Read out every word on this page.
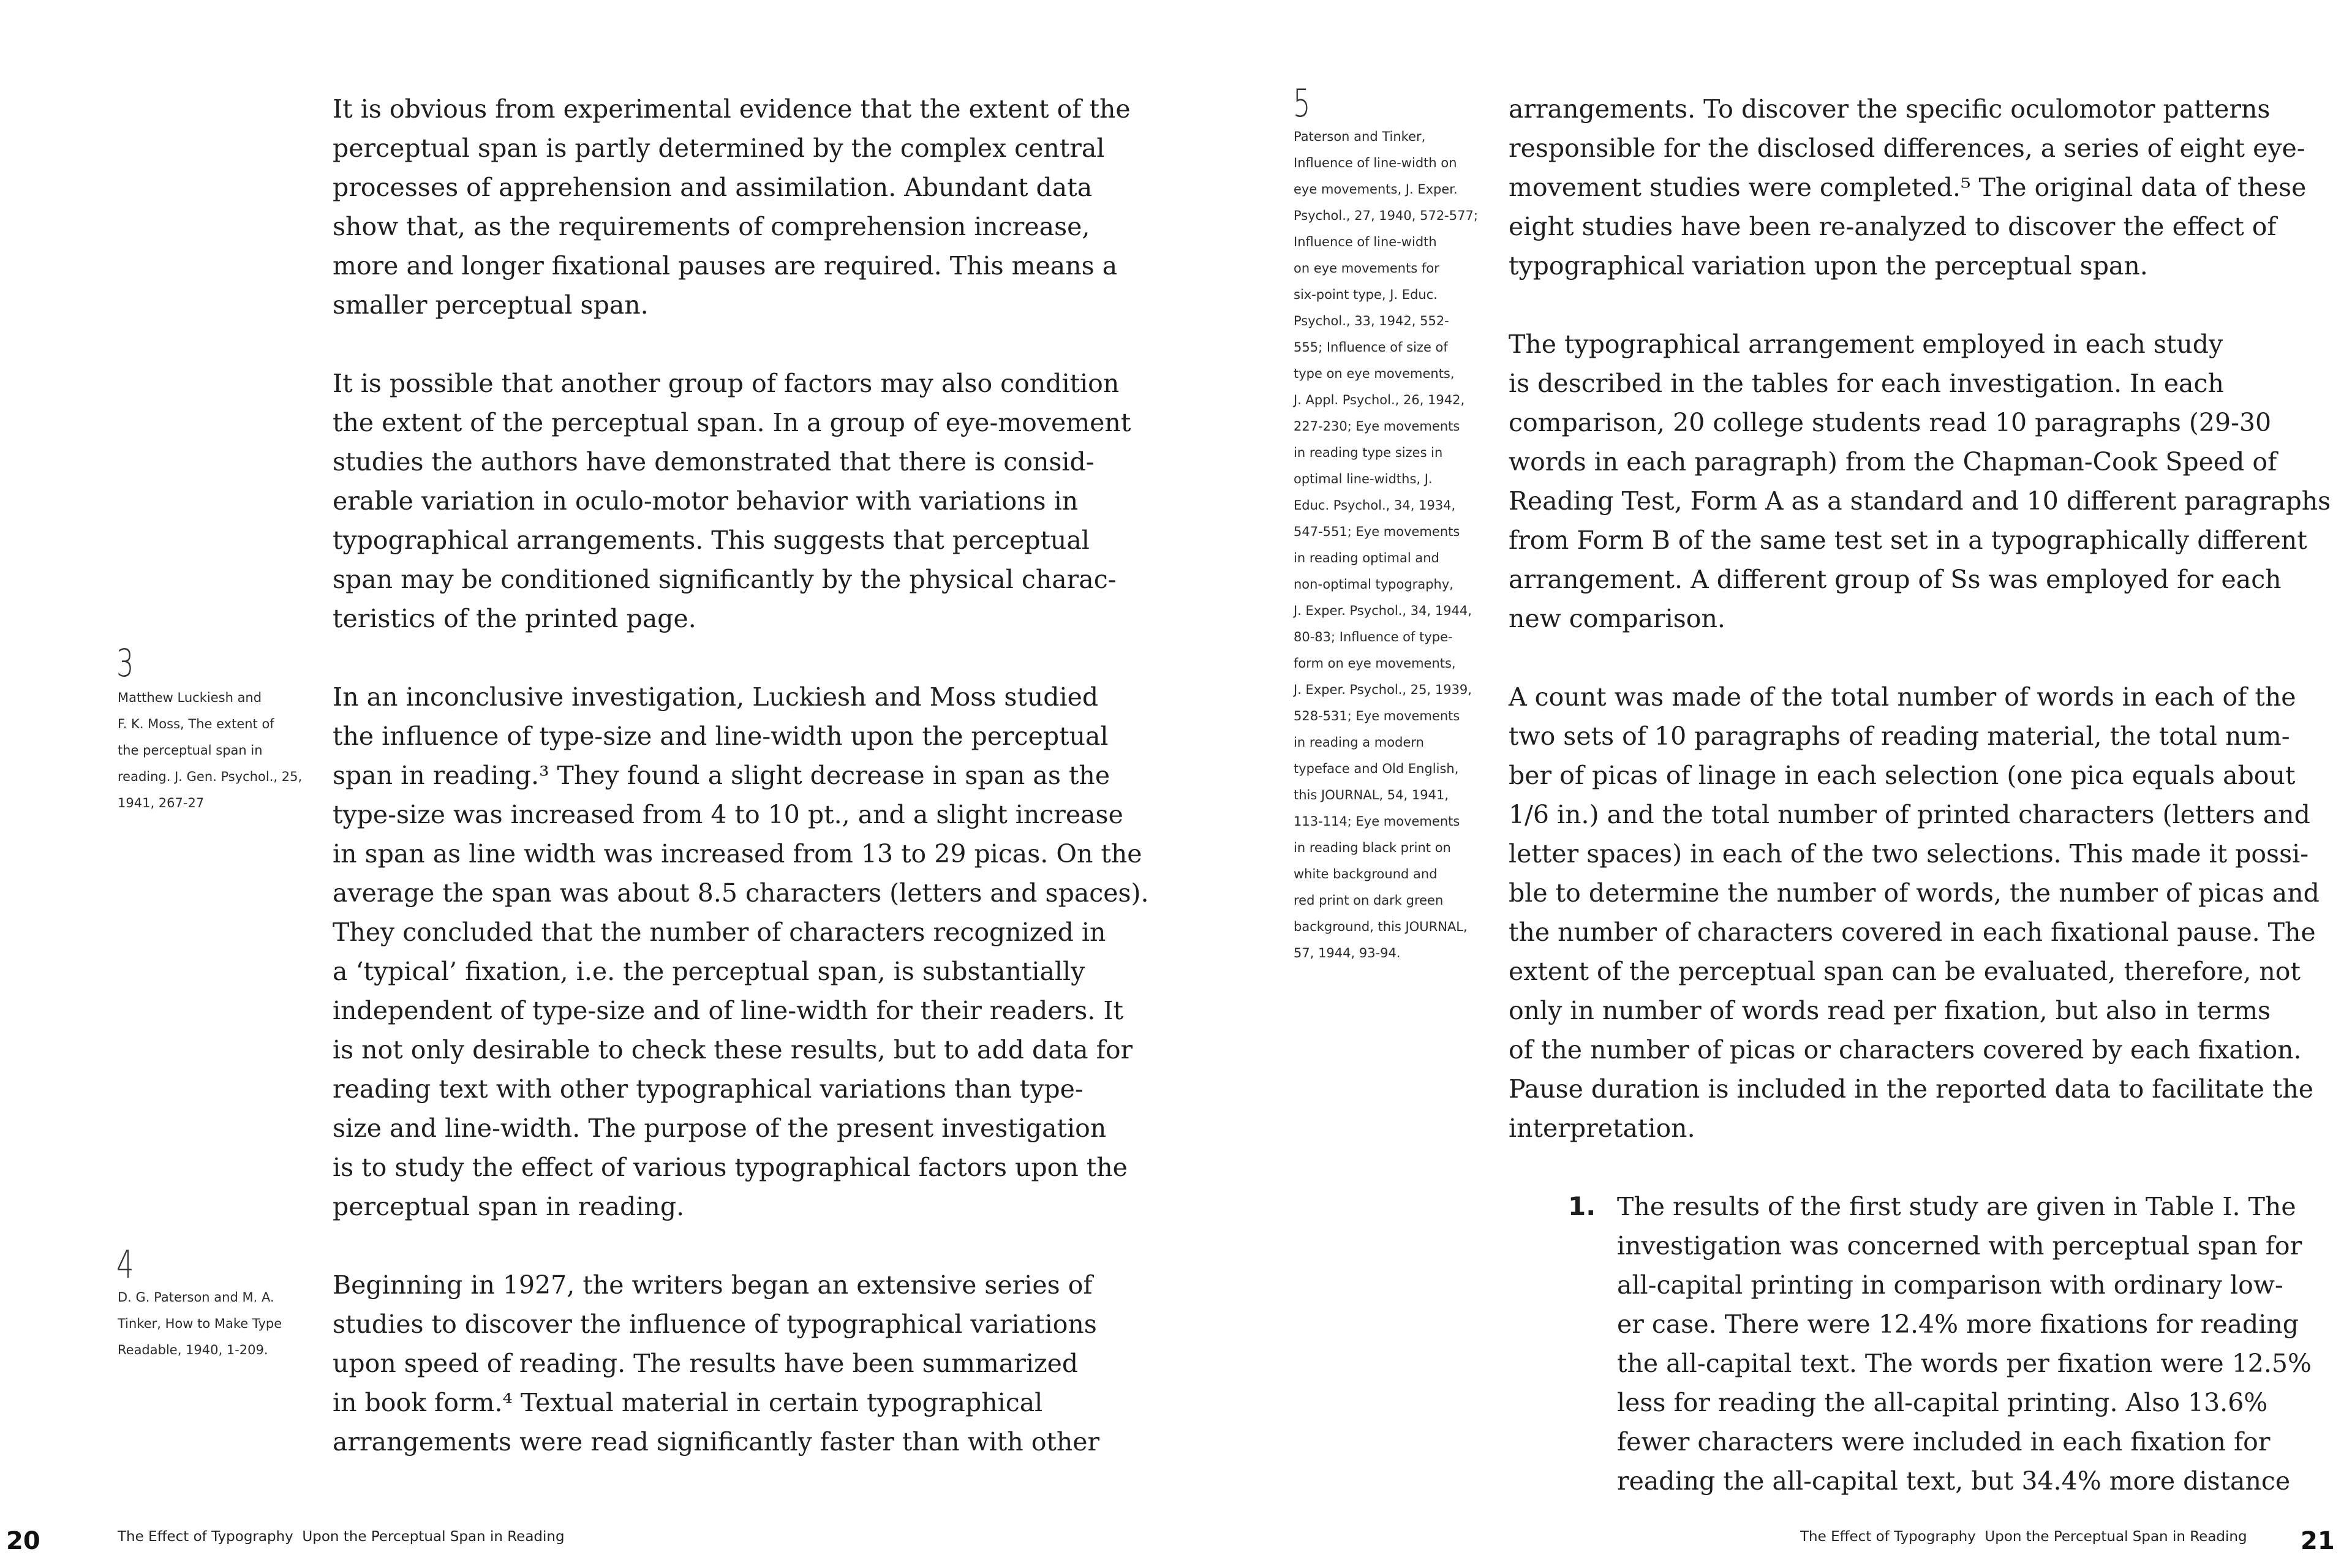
It is obvious from experimental evidence that the extent of the
perceptual span is partly determined by the complex central
processes of apprehension and assimilation. Abundant data
show that, as the requirements of comprehension increase,
more and longer fixational pauses are required. This means a
smaller perceptual span.

It is possible that another group of factors may also condition
the extent of the perceptual span. In a group of eye-movement
studies the authors have demonstrated that there is consid-
erable variation in oculo-motor behavior with variations in
typographical arrangements. This suggests that perceptual
span may be conditioned significantly by the physical charac-
teristics of the printed page.

In an inconclusive investigation, Luckiesh and Moss studied
the influence of type-size and line-width upon the perceptual
span in reading.³ They found a slight decrease in span as the
type-size was increased from 4 to 10 pt., and a slight increase
in span as line width was increased from 13 to 29 picas. On the
average the span was about 8.5 characters (letters and spaces).
They concluded that the number of characters recognized in
a ‘typical’ fixation, i.e. the perceptual span, is substantially
independent of type-size and of line-width for their readers. It
is not only desirable to check these results, but to add data for
reading text with other typographical variations than type-
size and line-width. The purpose of the present investigation
is to study the effect of various typographical factors upon the
perceptual span in reading.

Beginning in 1927, the writers began an extensive series of
studies to discover the influence of typographical variations
upon speed of reading. The results have been summarized
in book form.⁴ Textual material in certain typographical
arrangements were read significantly faster than with other

3
Matthew Luckiesh and
F. K. Moss, The extent of
the perceptual span in
reading. J. Gen. Psychol., 25,
1941, 267-27
4
D. G. Paterson and M. A.
Tinker, How to Make Type
Readable, 1940, 1-209.
20	The Effect of Typography  Upon the Perceptual Span in Reading
5
Paterson and Tinker,
Influence of line-width on
eye movements, J. Exper.
Psychol., 27, 1940, 572-577;
Influence of line-width
on eye movements for
six-point type, J. Educ.
Psychol., 33, 1942, 552-
555; Influence of size of
type on eye movements,
J. Appl. Psychol., 26, 1942,
227-230; Eye movements
in reading type sizes in
optimal line-widths, J.
Educ. Psychol., 34, 1934,
547-551; Eye movements
in reading optimal and
non-optimal typography,
J. Exper. Psychol., 34, 1944,
80-83; Influence of type-
form on eye movements,
J. Exper. Psychol., 25, 1939,
528-531; Eye movements
in reading a modern
typeface and Old English,
this JOURNAL, 54, 1941,
113-114; Eye movements
in reading black print on
white background and
red print on dark green
background, this JOURNAL,
57, 1944, 93-94.

arrangements. To discover the specific oculomotor patterns
responsible for the disclosed differences, a series of eight eye-
movement studies were completed.⁵ The original data of these
eight studies have been re-analyzed to discover the effect of
typographical variation upon the perceptual span.

The typographical arrangement employed in each study
is described in the tables for each investigation. In each
comparison, 20 college students read 10 paragraphs (29-30
words in each paragraph) from the Chapman-Cook Speed of
Reading Test, Form A as a standard and 10 different paragraphs
from Form B of the same test set in a typographically different
arrangement. A different group of Ss was employed for each
new comparison.

A count was made of the total number of words in each of the
two sets of 10 paragraphs of reading material, the total num-
ber of picas of linage in each selection (one pica equals about
1/6 in.) and the total number of printed characters (letters and
letter spaces) in each of the two selections. This made it possi-
ble to determine the number of words, the number of picas and
the number of characters covered in each fixational pause. The
extent of the perceptual span can be evaluated, therefore, not
only in number of words read per fixation, but also in terms
of the number of picas or characters covered by each fixation.
Pause duration is included in the reported data to facilitate the
interpretation.

1. The results of the first study are given in Table I. The
investigation was concerned with perceptual span for
all-capital printing in comparison with ordinary low-
er case. There were 12.4% more fixations for reading
the all-capital text. The words per fixation were 12.5%
less for reading the all-capital printing. Also 13.6%
fewer characters were included in each fixation for
reading the all-capital text, but 34.4% more distance
The Effect of Typography  Upon the Perceptual Span in Reading 21
